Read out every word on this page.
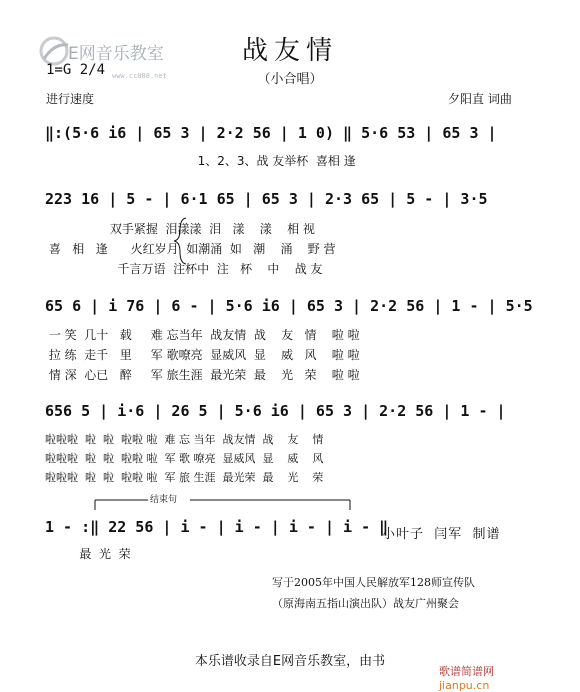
E网音乐教室

www.cc888.net

战友情
（小合唱）
1=G 2/4
进行速度	夕阳直 词曲
‖:(5·6 i6 | 65 3 | 2·2 56 | 1 0) ‖ 5·6 53 | 65 3 |
1、2、3、战 友举杯  喜相 逢
223 16 | 5 - | 6·1 65 | 65 3 | 2·3 65 | 5 - | 3·5
双手紧握  泪漾漾  泪   漾    漾    相 视
喜   相   逢      火红岁月  如潮涌  如   潮    涌    野 营
千言万语  注杯中  注   杯    中    战 友
65 6 | i 76 | 6 - | 5·6 i6 | 65 3 | 2·2 56 | 1 - | 5·5
一 笑  几十   载     难 忘当年  战友情  战    友   情    啦 啦
拉 练  走千   里     军 歌嘹亮  显威风  显    威   风    啦 啦
情 深  心已   醉     军 旅生涯  最光荣  最    光   荣    啦 啦
656 5 | i·6 | 26 5 | 5·6 i6 | 65 3 | 2·2 56 | 1 - |
啦啦啦  啦  啦  啦啦 啦  难 忘 当年  战友情  战    友    情
啦啦啦  啦  啦  啦啦 啦  军 歌 嘹亮  显威风  显    威    风
啦啦啦  啦  啦  啦啦 啦  军 旅 生涯  最光荣  最    光    荣
结束句
1 - :‖ 22 56 | i - | i - | i - | i - ‖
最  光  荣
小叶子  闫军  制谱
写于2005年中国人民解放军128师宣传队
（原海南五指山演出队）战友广州聚会
本乐谱收录自E网音乐教室，由书

歌谱简谱网
jianpu.cn
